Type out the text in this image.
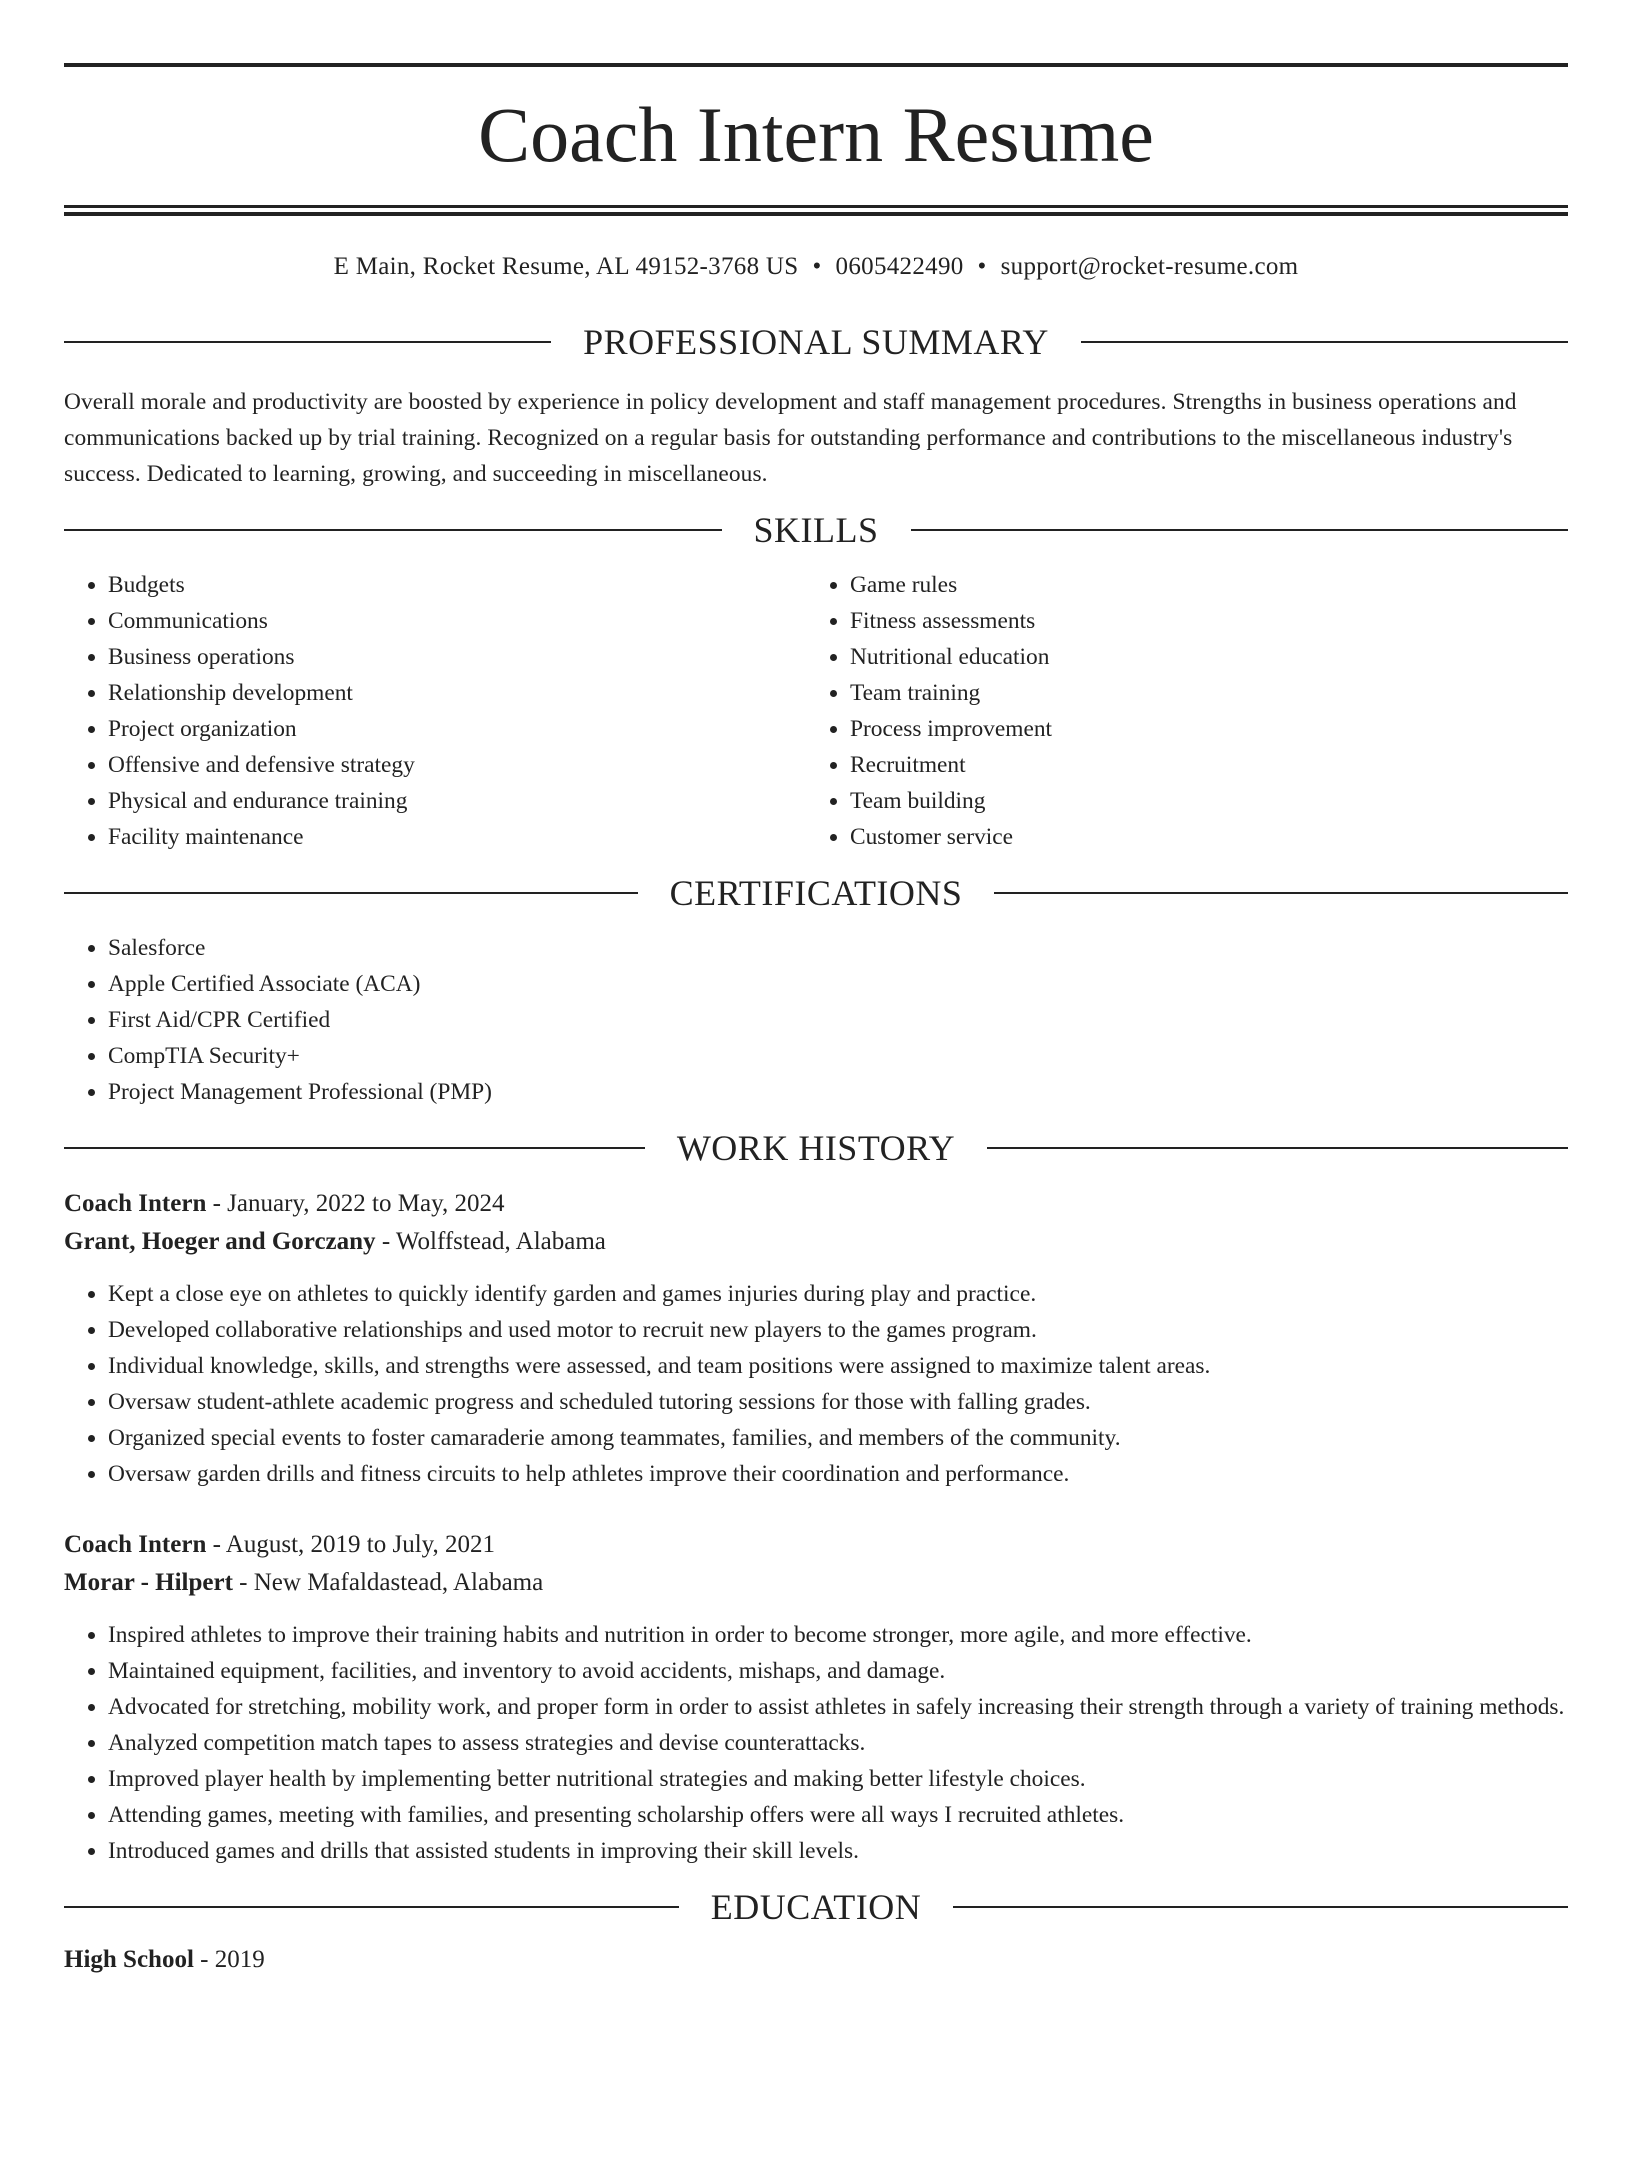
Coach Intern Resume
E Main, Rocket Resume, AL 49152-3768 US • 0605422490 • support@rocket-resume.com
PROFESSIONAL SUMMARY
Overall morale and productivity are boosted by experience in policy development and staff management procedures. Strengths in business operations and communications backed up by trial training. Recognized on a regular basis for outstanding performance and contributions to the miscellaneous industry's success. Dedicated to learning, growing, and succeeding in miscellaneous.
SKILLS
• Budgets
• Communications
• Business operations
• Relationship development
• Project organization
• Offensive and defensive strategy
• Physical and endurance training
• Facility maintenance
• Game rules
• Fitness assessments
• Nutritional education
• Team training
• Process improvement
• Recruitment
• Team building
• Customer service
CERTIFICATIONS
• Salesforce
• Apple Certified Associate (ACA)
• First Aid/CPR Certified
• CompTIA Security+
• Project Management Professional (PMP)
WORK HISTORY
Coach Intern - January, 2022 to May, 2024
Grant, Hoeger and Gorczany - Wolffstead, Alabama
• Kept a close eye on athletes to quickly identify garden and games injuries during play and practice.
• Developed collaborative relationships and used motor to recruit new players to the games program.
• Individual knowledge, skills, and strengths were assessed, and team positions were assigned to maximize talent areas.
• Oversaw student-athlete academic progress and scheduled tutoring sessions for those with falling grades.
• Organized special events to foster camaraderie among teammates, families, and members of the community.
• Oversaw garden drills and fitness circuits to help athletes improve their coordination and performance.
Coach Intern - August, 2019 to July, 2021
Morar - Hilpert - New Mafaldastead, Alabama
• Inspired athletes to improve their training habits and nutrition in order to become stronger, more agile, and more effective.
• Maintained equipment, facilities, and inventory to avoid accidents, mishaps, and damage.
• Advocated for stretching, mobility work, and proper form in order to assist athletes in safely increasing their strength through a variety of training methods.
• Analyzed competition match tapes to assess strategies and devise counterattacks.
• Improved player health by implementing better nutritional strategies and making better lifestyle choices.
• Attending games, meeting with families, and presenting scholarship offers were all ways I recruited athletes.
• Introduced games and drills that assisted students in improving their skill levels.
EDUCATION
High School - 2019
